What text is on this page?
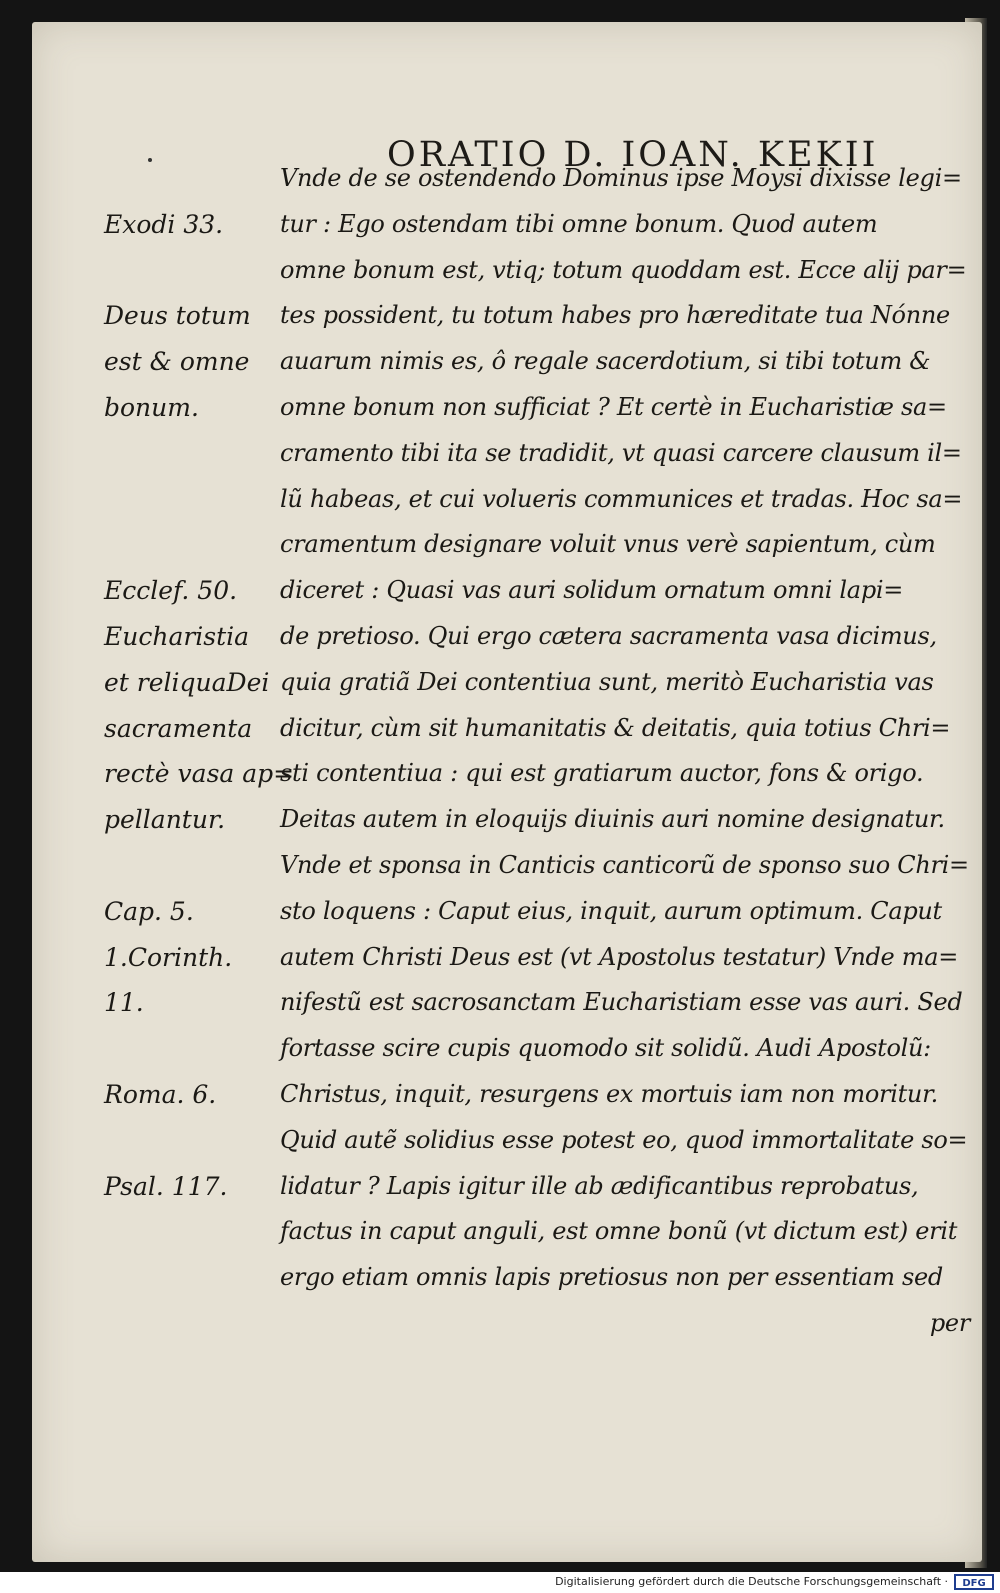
ORATIO D. IOAN. KEKII
Exodi 33.
Deus totum
est & omne
bonum.
Ecclef. 50.
Eucharistia
et reliquaDei
sacramenta
rectè vasa ap=
pellantur.
Cap. 5.
1.Corinth.
11.
Roma. 6.
Psal. 117.
Vnde de se ostendendo Dominus ipse Moysi dixisse legi=
tur : Ego ostendam tibi omne bonum. Quod autem
omne bonum est, vtiq; totum quoddam est. Ecce alij par=
tes possident, tu totum habes pro hæreditate tua Nónne
auarum nimis es, ô regale sacerdotium, si tibi totum &
omne bonum non sufficiat ? Et certè in Eucharistiæ sa=
cramento tibi ita se tradidit, vt quasi carcere clausum il=
lũ habeas, et cui volueris communices et tradas. Hoc sa=
cramentum designare voluit vnus verè sapientum, cùm
diceret : Quasi vas auri solidum ornatum omni lapi=
de pretioso. Qui ergo cætera sacramenta vasa dicimus,
quia gratiã Dei contentiua sunt, meritò Eucharistia vas
dicitur, cùm sit humanitatis & deitatis, quia totius Chri=
sti contentiua : qui est gratiarum auctor, fons & origo.
Deitas autem in eloquijs diuinis auri nomine designatur.
Vnde et sponsa in Canticis canticorũ de sponso suo Chri=
sto loquens : Caput eius, inquit, aurum optimum. Caput
autem Christi Deus est (vt Apostolus testatur) Vnde ma=
nifestũ est sacrosanctam Eucharistiam esse vas auri. Sed
fortasse scire cupis quomodo sit solidũ. Audi Apostolũ:
Christus, inquit, resurgens ex mortuis iam non moritur.
Quid autẽ solidius esse potest eo, quod immortalitate so=
lidatur ? Lapis igitur ille ab ædificantibus reprobatus,
factus in caput anguli, est omne bonũ (vt dictum est) erit
ergo etiam omnis lapis pretiosus non per essentiam sed
per
Digitalisierung gefördert durch die Deutsche Forschungsgemeinschaft ·	DFG
